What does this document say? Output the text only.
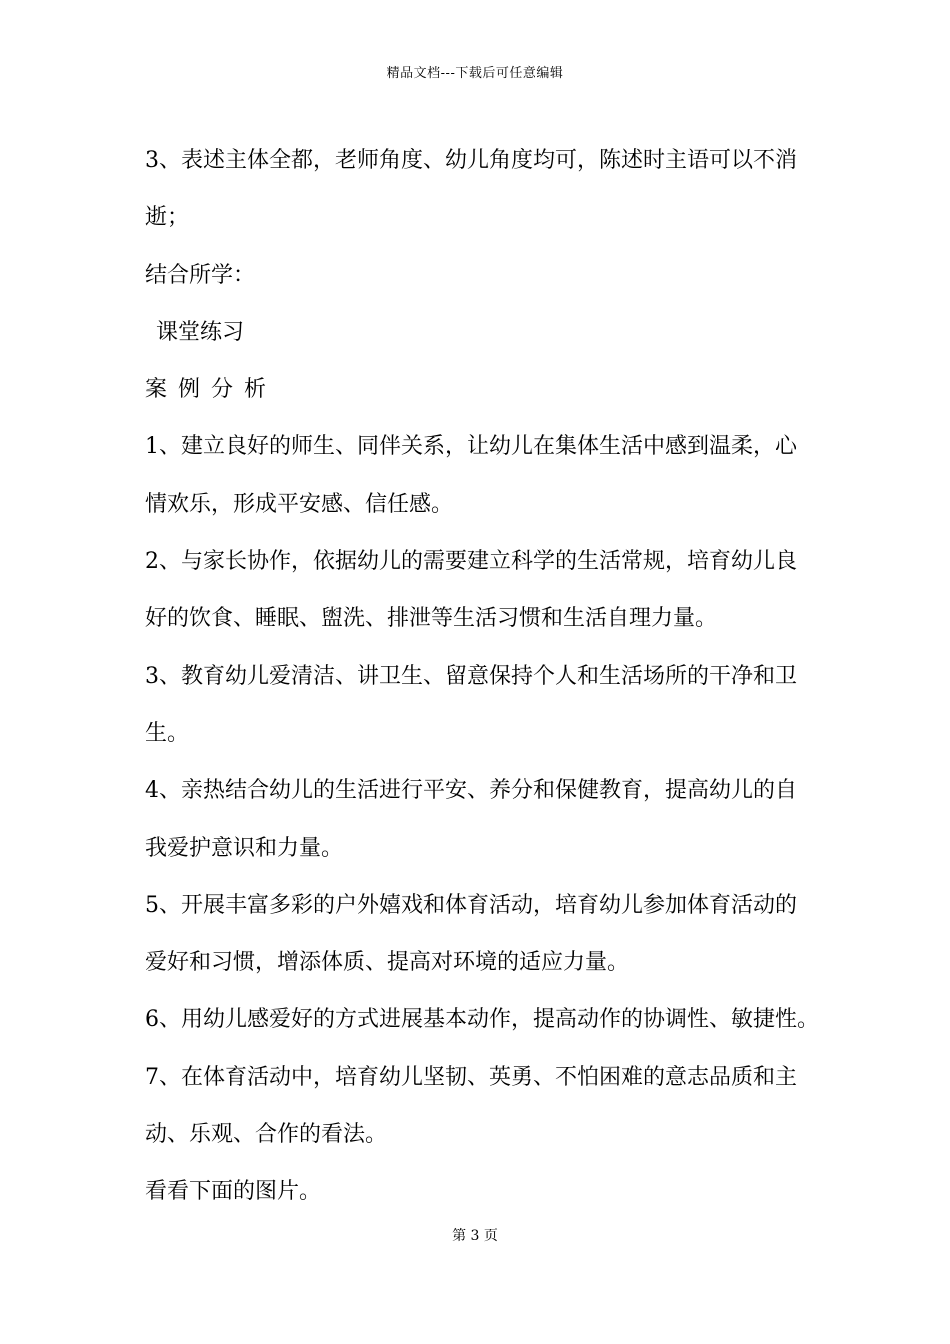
精品文档---下载后可任意编辑
3、表述主体全都，老师角度、幼儿角度均可，陈述时主语可以不消
逝；
结合所学：
课堂练习
案例分析
1、建立良好的师生、同伴关系，让幼儿在集体生活中感到温柔，心
情欢乐，形成平安感、信任感。
2、与家长协作，依据幼儿的需要建立科学的生活常规，培育幼儿良
好的饮食、睡眠、盥洗、排泄等生活习惯和生活自理力量。
3、教育幼儿爱清洁、讲卫生、留意保持个人和生活场所的干净和卫
生。
4、亲热结合幼儿的生活进行平安、养分和保健教育，提高幼儿的自
我爱护意识和力量。
5、开展丰富多彩的户外嬉戏和体育活动，培育幼儿参加体育活动的
爱好和习惯，增添体质、提高对环境的适应力量。
6、用幼儿感爱好的方式进展基本动作，提高动作的协调性、敏捷性。
7、在体育活动中，培育幼儿坚韧、英勇、不怕困难的意志品质和主
动、乐观、合作的看法。
看看下面的图片。
第 3 页
